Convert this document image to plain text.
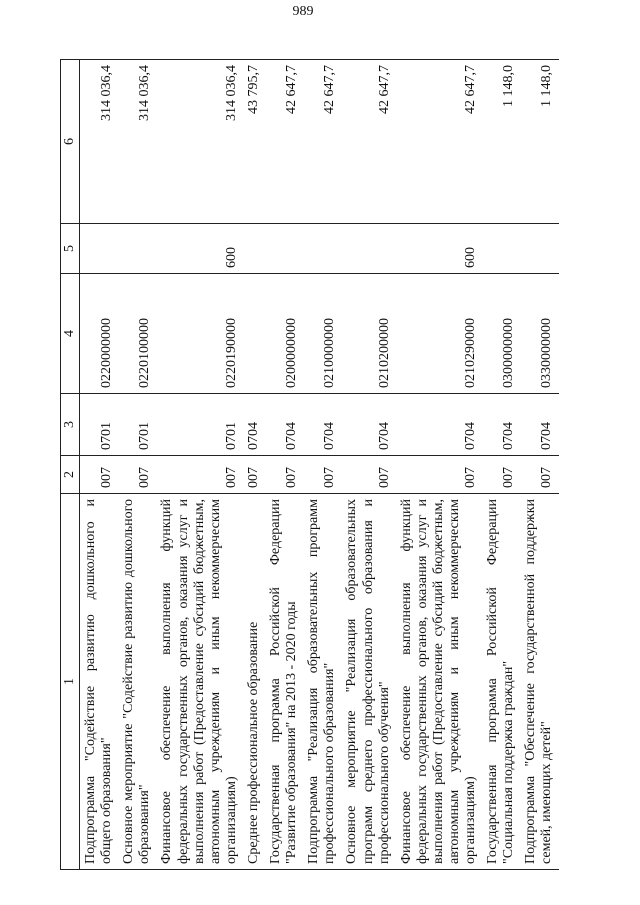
989
1	2	3	4	5	6
Подпрограмма "Содействие развитию дошкольного и общего образования"	007	0701	0220000000		314 036,4
Основное мероприятие "Содействие развитию дошкольного образования"	007	0701	0220100000		314 036,4
Финансовое обеспечение выполнения функций федеральных государственных органов, оказания услуг и выполнения работ (Предоставление субсидий бюджетным, автономным учреждениям и иным некоммерческим организациям)	007	0701	0220190000	600	314 036,4
Среднее профессиональное образование	007	0704			43 795,7
Государственная программа Российской Федерации "Развитие образования" на 2013 - 2020 годы	007	0704	0200000000		42 647,7
Подпрограмма "Реализация образовательных программ профессионального образования"	007	0704	0210000000		42 647,7
Основное мероприятие "Реализация образовательных программ среднего профессионального образования и профессионального обучения"	007	0704	0210200000		42 647,7
Финансовое обеспечение выполнения функций федеральных государственных органов, оказания услуг и выполнения работ (Предоставление субсидий бюджетным, автономным учреждениям и иным некоммерческим организациям)	007	0704	0210290000	600	42 647,7
Государственная программа Российской Федерации "Социальная поддержка граждан"	007	0704	0300000000		1 148,0
Подпрограмма "Обеспечение государственной поддержки семей, имеющих детей"	007	0704	0330000000		1 148,0
